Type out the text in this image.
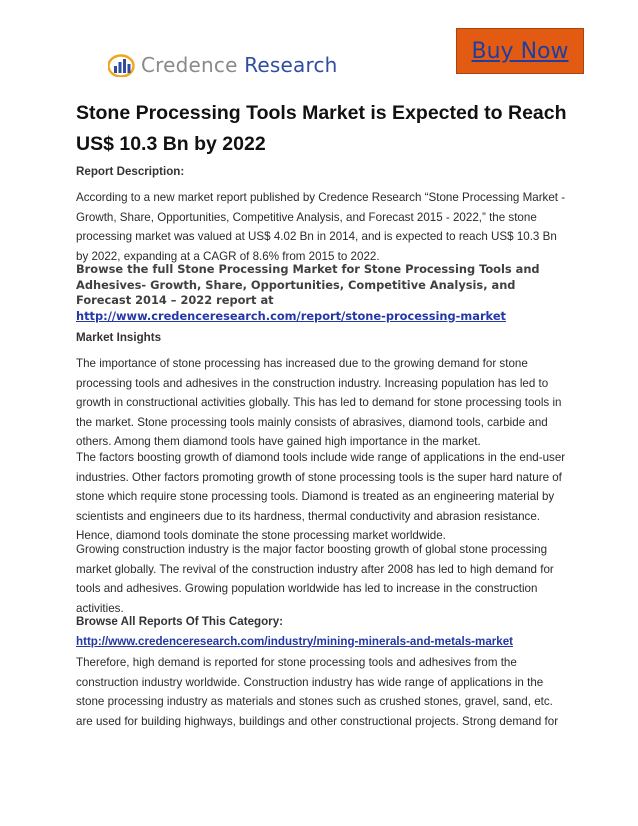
Buy Now
Credence Research
Stone Processing Tools Market is Expected to Reach US$ 10.3 Bn by 2022

Report Description:

According to a new market report published by Credence Research “Stone Processing Market - Growth, Share, Opportunities, Competitive Analysis, and Forecast 2015 - 2022,” the stone processing market was valued at US$ 4.02 Bn in 2014, and is expected to reach US$ 10.3 Bn by 2022, expanding at a CAGR of 8.6% from 2015 to 2022.

Browse the full Stone Processing Market for Stone Processing Tools and Adhesives- Growth, Share, Opportunities, Competitive Analysis, and Forecast 2014 – 2022 report at http://www.credenceresearch.com/report/stone-processing-market

Market Insights

The importance of stone processing has increased due to the growing demand for stone processing tools and adhesives in the construction industry. Increasing population has led to growth in constructional activities globally. This has led to demand for stone processing tools in the market. Stone processing tools mainly consists of abrasives, diamond tools, carbide and others. Among them diamond tools have gained high importance in the market.

The factors boosting growth of diamond tools include wide range of applications in the end-user industries. Other factors promoting growth of stone processing tools is the super hard nature of stone which require stone processing tools. Diamond is treated as an engineering material by scientists and engineers due to its hardness, thermal conductivity and abrasion resistance. Hence, diamond tools dominate the stone processing market worldwide.

Growing construction industry is the major factor boosting growth of global stone processing market globally. The revival of the construction industry after 2008 has led to high demand for tools and adhesives. Growing population worldwide has led to increase in the construction activities.

Browse All Reports Of This Category: http://www.credenceresearch.com/industry/mining-minerals-and-metals-market

Therefore, high demand is reported for stone processing tools and adhesives from the construction industry worldwide. Construction industry has wide range of applications in the stone processing industry as materials and stones such as crushed stones, gravel, sand, etc. are used for building highways, buildings and other constructional projects. Strong demand for
